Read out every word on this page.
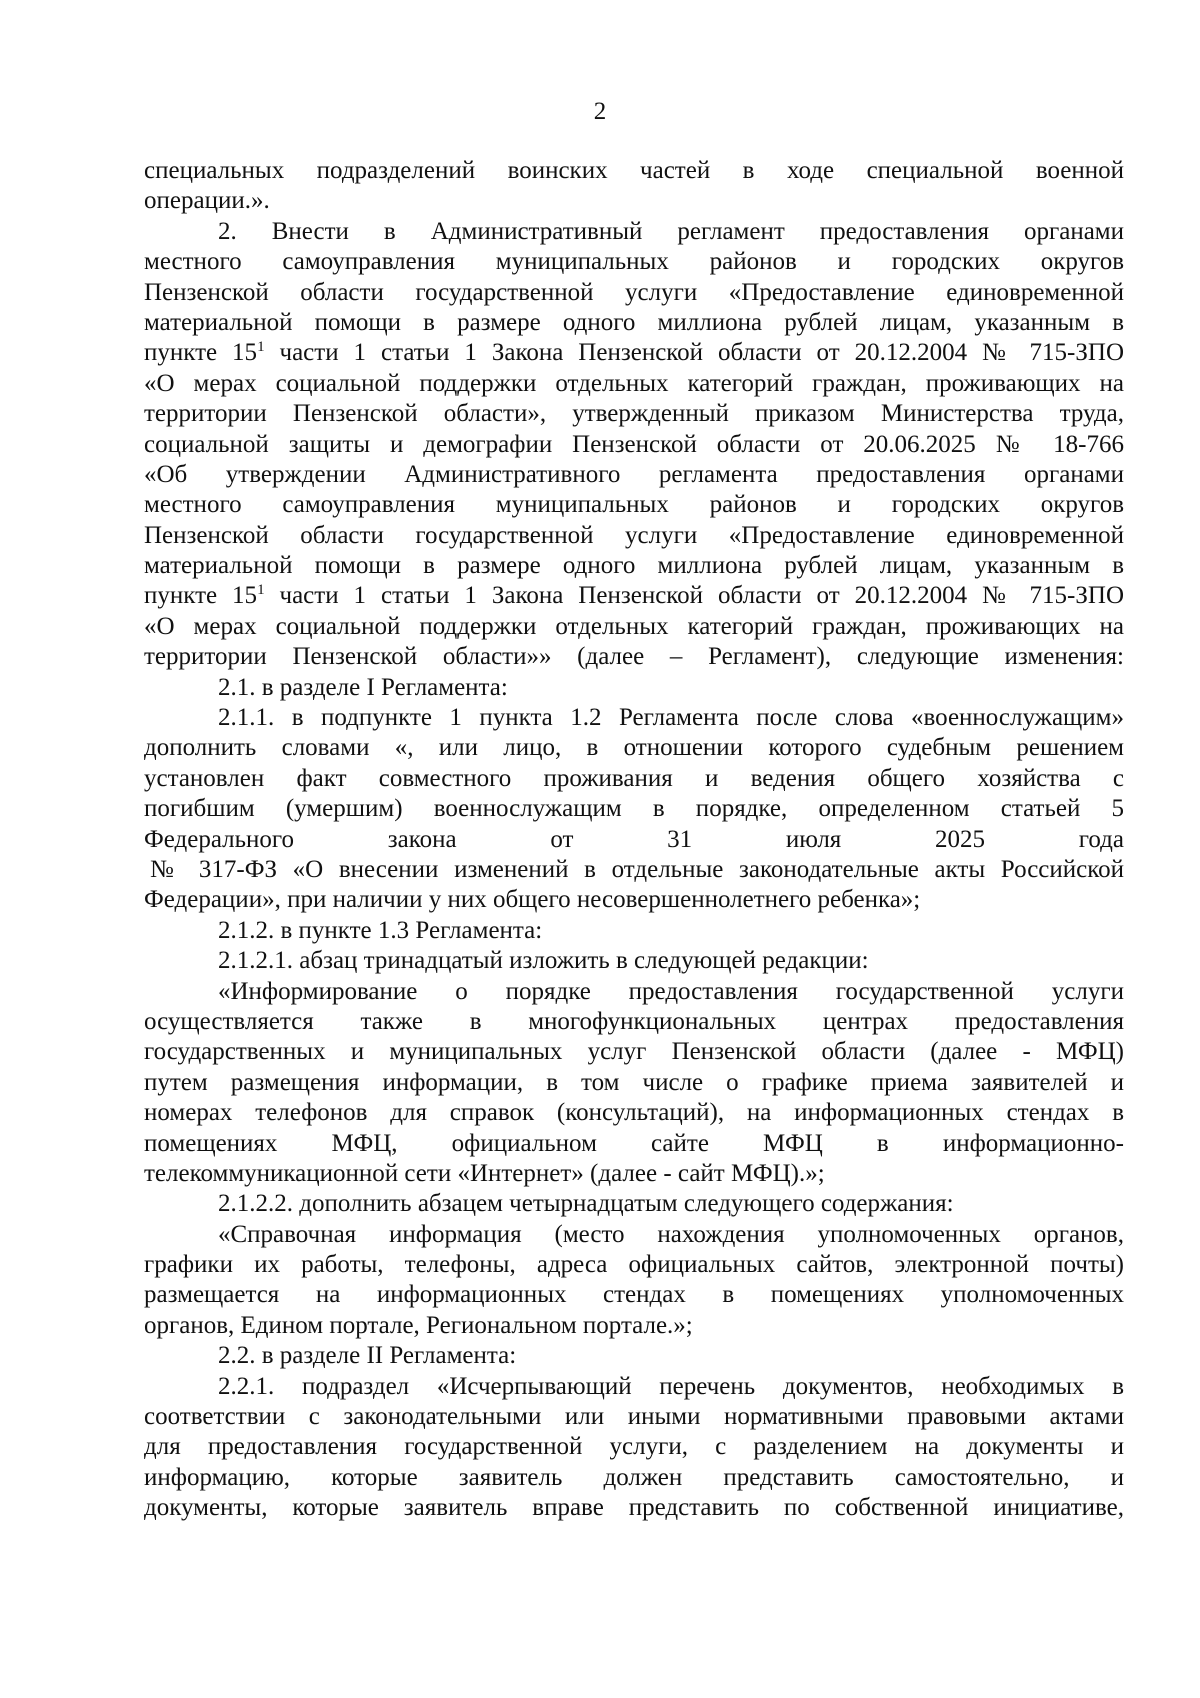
2
специальных подразделений воинских частей в ходе специальной военной
операции.».
2. Внести в Административный регламент предоставления органами
местного самоуправления муниципальных районов и городских округов
Пензенской области государственной услуги «Предоставление единовременной
материальной помощи в размере одного миллиона рублей лицам, указанным в
пункте $15^1$ части 1 статьи 1 Закона Пензенской области от 20.12.2004 № 715-ЗПО
«О мерах социальной поддержки отдельных категорий граждан, проживающих на
территории Пензенской области», утвержденный приказом Министерства труда,
социальной защиты и демографии Пензенской области от 20.06.2025 № 18-766
«Об утверждении Административного регламента предоставления органами
местного самоуправления муниципальных районов и городских округов
Пензенской области государственной услуги «Предоставление единовременной
материальной помощи в размере одного миллиона рублей лицам, указанным в
пункте $15^1$ части 1 статьи 1 Закона Пензенской области от 20.12.2004 № 715-ЗПО
«О мерах социальной поддержки отдельных категорий граждан, проживающих на
территории Пензенской области»» (далее – Регламент), следующие изменения:
2.1. в разделе I Регламента:
2.1.1. в подпункте 1 пункта 1.2 Регламента после слова «военнослужащим»
дополнить словами «, или лицо, в отношении которого судебным решением
установлен факт совместного проживания и ведения общего хозяйства с
погибшим (умершим) военнослужащим в порядке, определенном статьей 5
Федерального закона от 31 июля 2025 года
№ 317-ФЗ «О внесении изменений в отдельные законодательные акты Российской
Федерации», при наличии у них общего несовершеннолетнего ребенка»;
2.1.2. в пункте 1.3 Регламента:
2.1.2.1. абзац тринадцатый изложить в следующей редакции:
«Информирование о порядке предоставления государственной услуги
осуществляется также в многофункциональных центрах предоставления
государственных и муниципальных услуг Пензенской области (далее - МФЦ)
путем размещения информации, в том числе о графике приема заявителей и
номерах телефонов для справок (консультаций), на информационных стендах в
помещениях МФЦ, официальном сайте МФЦ в информационно-
телекоммуникационной сети «Интернет» (далее - сайт МФЦ).»;
2.1.2.2. дополнить абзацем четырнадцатым следующего содержания:
«Справочная информация (место нахождения уполномоченных органов,
графики их работы, телефоны, адреса официальных сайтов, электронной почты)
размещается на информационных стендах в помещениях уполномоченных
органов, Едином портале, Региональном портале.»;
2.2. в разделе II Регламента:
2.2.1. подраздел «Исчерпывающий перечень документов, необходимых в
соответствии с законодательными или иными нормативными правовыми актами
для предоставления государственной услуги, с разделением на документы и
информацию, которые заявитель должен представить самостоятельно, и
документы, которые заявитель вправе представить по собственной инициативе,
